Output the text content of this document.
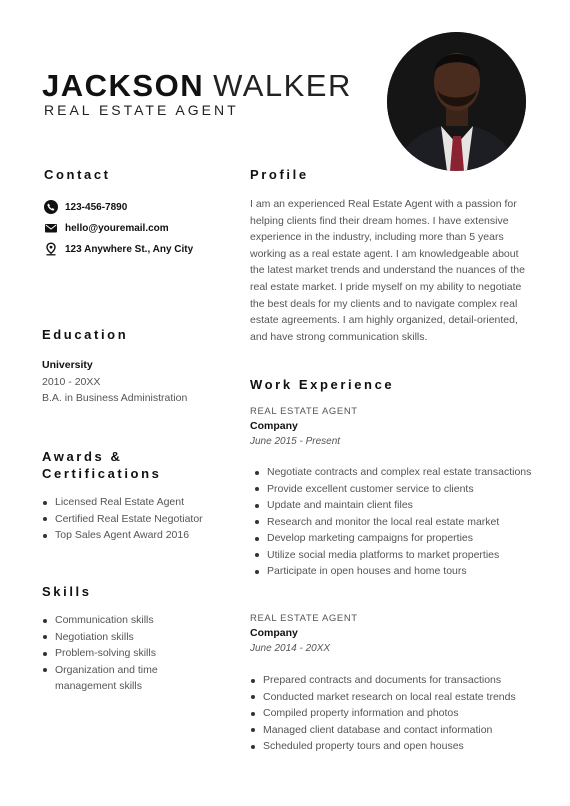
JACKSON WALKER
REAL ESTATE AGENT
Contact
123-456-7890
hello@youremail.com
123 Anywhere St., Any City
Education
University
2010 - 20XX
B.A. in Business Administration
Awards &
Certifications
Licensed Real Estate Agent
Certified Real Estate Negotiator
Top Sales Agent Award 2016
Skills
Communication skills
Negotiation skills
Problem-solving skills
Organization and time management skills
Profile
I am an experienced Real Estate Agent with a passion for helping clients find their dream homes. I have extensive experience in the industry, including more than 5 years working as a real estate agent. I am knowledgeable about the latest market trends and understand the nuances of the real estate market. I pride myself on my ability to negotiate the best deals for my clients and to navigate complex real estate agreements. I am highly organized, detail-oriented, and have strong communication skills.
Work Experience
REAL ESTATE AGENT
Company
June 2015 - Present
Negotiate contracts and complex real estate transactions
Provide excellent customer service to clients
Update and maintain client files
Research and monitor the local real estate market
Develop marketing campaigns for properties
Utilize social media platforms to market properties
Participate in open houses and home tours
REAL ESTATE AGENT
Company
June 2014 - 20XX
Prepared contracts and documents for transactions
Conducted market research on local real estate trends
Compiled property information and photos
Managed client database and contact information
Scheduled property tours and open houses
